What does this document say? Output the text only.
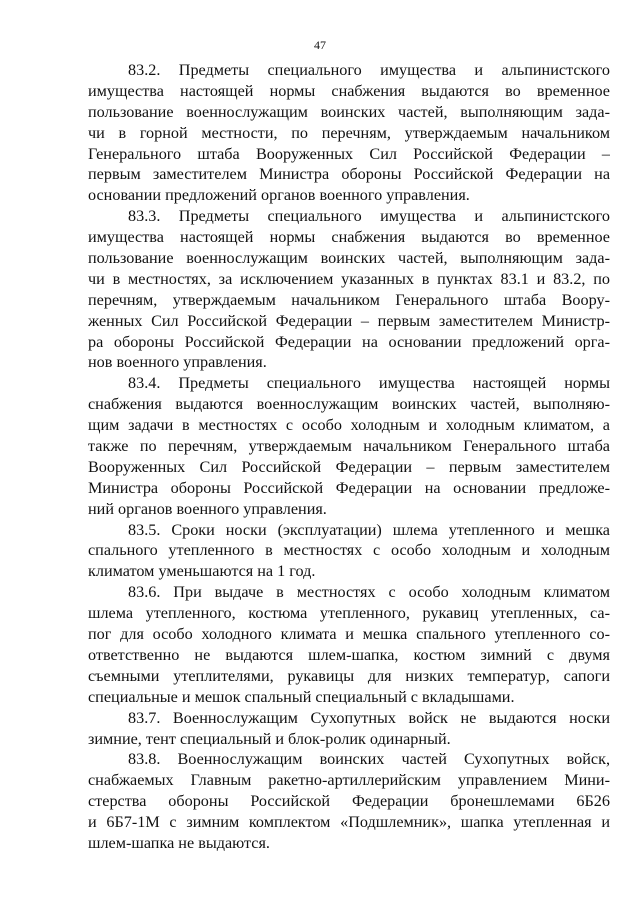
47
83.2. Предметы специального имущества и альпинистского
имущества настоящей нормы снабжения выдаются во временное
пользование военнослужащим воинских частей, выполняющим зада-
чи в горной местности, по перечням, утверждаемым начальником
Генерального штаба Вооруженных Сил Российской Федерации –
первым заместителем Министра обороны Российской Федерации на
основании предложений органов военного управления.
83.3. Предметы специального имущества и альпинистского
имущества настоящей нормы снабжения выдаются во временное
пользование военнослужащим воинских частей, выполняющим зада-
чи в местностях, за исключением указанных в пунктах 83.1 и 83.2, по
перечням, утверждаемым начальником Генерального штаба Воору-
женных Сил Российской Федерации – первым заместителем Министр-
ра обороны Российской Федерации на основании предложений орга-
нов военного управления.
83.4. Предметы специального имущества настоящей нормы
снабжения выдаются военнослужащим воинских частей, выполняю-
щим задачи в местностях с особо холодным и холодным климатом, а
также по перечням, утверждаемым начальником Генерального штаба
Вооруженных Сил Российской Федерации – первым заместителем
Министра обороны Российской Федерации на основании предложе-
ний органов военного управления.
83.5. Сроки носки (эксплуатации) шлема утепленного и мешка
спального утепленного в местностях с особо холодным и холодным
климатом уменьшаются на 1 год.
83.6. При выдаче в местностях с особо холодным климатом
шлема утепленного, костюма утепленного, рукавиц утепленных, са-
пог для особо холодного климата и мешка спального утепленного со-
ответственно не выдаются шлем-шапка, костюм зимний с двумя
съемными утеплителями, рукавицы для низких температур, сапоги
специальные и мешок спальный специальный с вкладышами.
83.7. Военнослужащим Сухопутных войск не выдаются носки
зимние, тент специальный и блок-ролик одинарный.
83.8. Военнослужащим воинских частей Сухопутных войск,
снабжаемых Главным ракетно-артиллерийским управлением Мини-
стерства обороны Российской Федерации бронешлемами 6Б26
и 6Б7-1М с зимним комплектом «Подшлемник», шапка утепленная и
шлем-шапка не выдаются.
